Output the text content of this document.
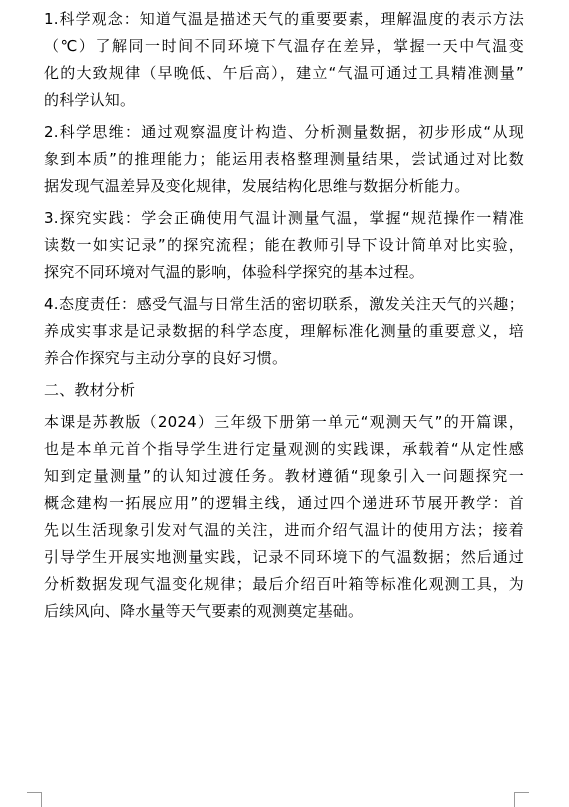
1.科学观念：知道气温是描述天气的重要要素，理解温度的表示方法
（℃）了解同一时间不同环境下气温存在差异，掌握一天中气温变
化的大致规律（早晚低、午后高），建立“气温可通过工具精准测量”
的科学认知。
2.科学思维：通过观察温度计构造、分析测量数据，初步形成“从现
象到本质”的推理能力；能运用表格整理测量结果，尝试通过对比数
据发现气温差异及变化规律，发展结构化思维与数据分析能力。
3.探究实践：学会正确使用气温计测量气温，掌握“规范操作一精准
读数一如实记录”的探究流程；能在教师引导下设计简单对比实验，
探究不同环境对气温的影响，体验科学探究的基本过程。
4.态度责任：感受气温与日常生活的密切联系，激发关注天气的兴趣；
养成实事求是记录数据的科学态度，理解标准化测量的重要意义，培
养合作探究与主动分享的良好习惯。
二、教材分析
本课是苏教版（2024）三年级下册第一单元“观测天气”的开篇课，
也是本单元首个指导学生进行定量观测的实践课，承载着“从定性感
知到定量测量”的认知过渡任务。教材遵循“现象引入一问题探究一
概念建构一拓展应用”的逻辑主线，通过四个递进环节展开教学：首
先以生活现象引发对气温的关注，进而介绍气温计的使用方法；接着
引导学生开展实地测量实践，记录不同环境下的气温数据；然后通过
分析数据发现气温变化规律；最后介绍百叶箱等标准化观测工具，为
后续风向、降水量等天气要素的观测奠定基础。
